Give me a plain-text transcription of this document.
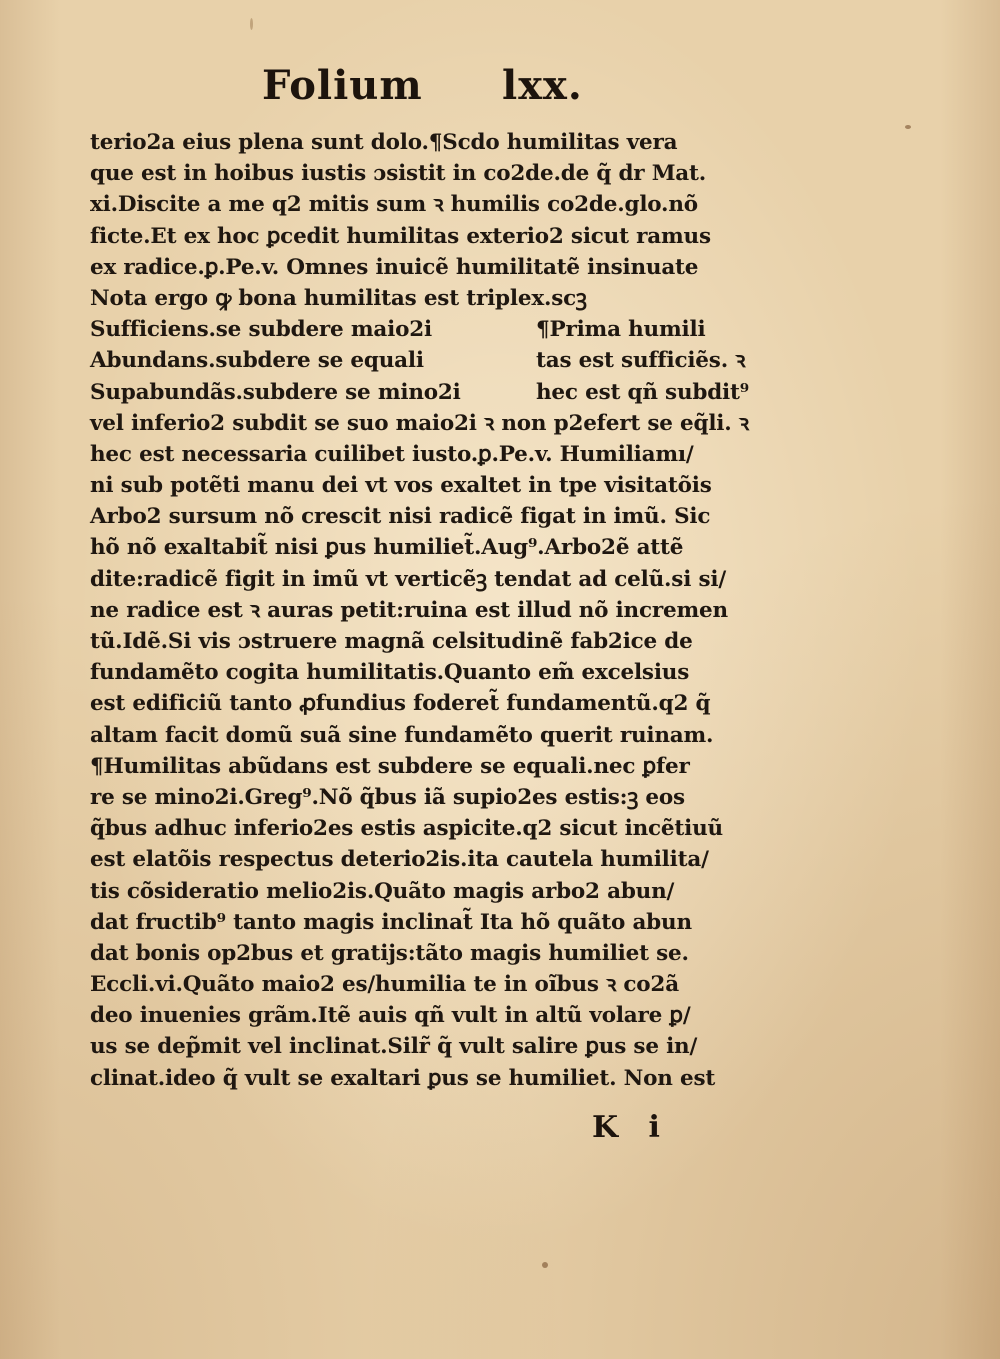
Folium lxx.
terio2a eius plena sunt dolo.¶Scdo humilitas vera
que est in hoibus iustis ɔsistit in co2de.de q̃ dr Mat.
xi.Discite a me q2 mitis sum ꝛ humilis co2de.glo.nõ
ficte.Et ex hoc ꝑcedit humilitas exterio2 sicut ramus
ex radice.ꝑ.Pe.v. Omnes inuicẽ humilitatẽ insinuate
Nota ergo ꝙ bona humilitas est triplex.scꝫ
Sufficiens.se subdere maio2i
Abundans.subdere se equali
Supabundãs.subdere se mino2i
¶Prima humili
tas est sufficiẽs. ꝛ
hec est qñ subdit⁹
vel inferio2 subdit se suo maio2i ꝛ non p2efert se eq̃li. ꝛ
hec est necessaria cuilibet iusto.ꝑ.Pe.v. Humiliamı/
ni sub potẽti manu dei vt vos exaltet in tpe visitatõis
Arbo2 sursum nõ crescit nisi radicẽ figat in imũ. Sic
hõ nõ exaltabit̃ nisi ꝑus humiliet̃.Aug⁹.Arbo2ẽ attẽ
dite:radicẽ figit in imũ vt verticẽꝫ tendat ad celũ.si si/
ne radice est ꝛ auras petit:ruina est illud nõ incremen
tũ.Idẽ.Si vis ɔstruere magnã celsitudinẽ fab2ice de
fundamẽto cogita humilitatis.Quanto em̃ excelsius
est edificiũ tanto ꝓfundius foderet̃ fundamentũ.q2 q̃
altam facit domũ suã sine fundamẽto querit ruinam.
¶Humilitas abũdans est subdere se equali.nec ꝑfer
re se mino2i.Greg⁹.Nõ q̃bus iã supio2es estis:ꝫ eos
q̃bus adhuc inferio2es estis aspicite.q2 sicut incẽtiuũ
est elatõis respectus deterio2is.ita cautela humilita/
tis cõsideratio melio2is.Quãto magis arbo2 abun/
dat fructib⁹ tanto magis inclinat̃ Ita hõ quãto abun
dat bonis op2bus et gratijs:tãto magis humiliet se.
Eccli.vi.Quãto maio2 es/humilia te in oĩbus ꝛ co2ã
deo inuenies grãm.Itẽ auis qñ vult in altũ volare ꝑ/
us se dep̃mit vel inclinat.Silr̃ q̃ vult salire ꝑus se in/
clinat.ideo q̃ vult se exaltari ꝑus se humiliet. Non est
K i
